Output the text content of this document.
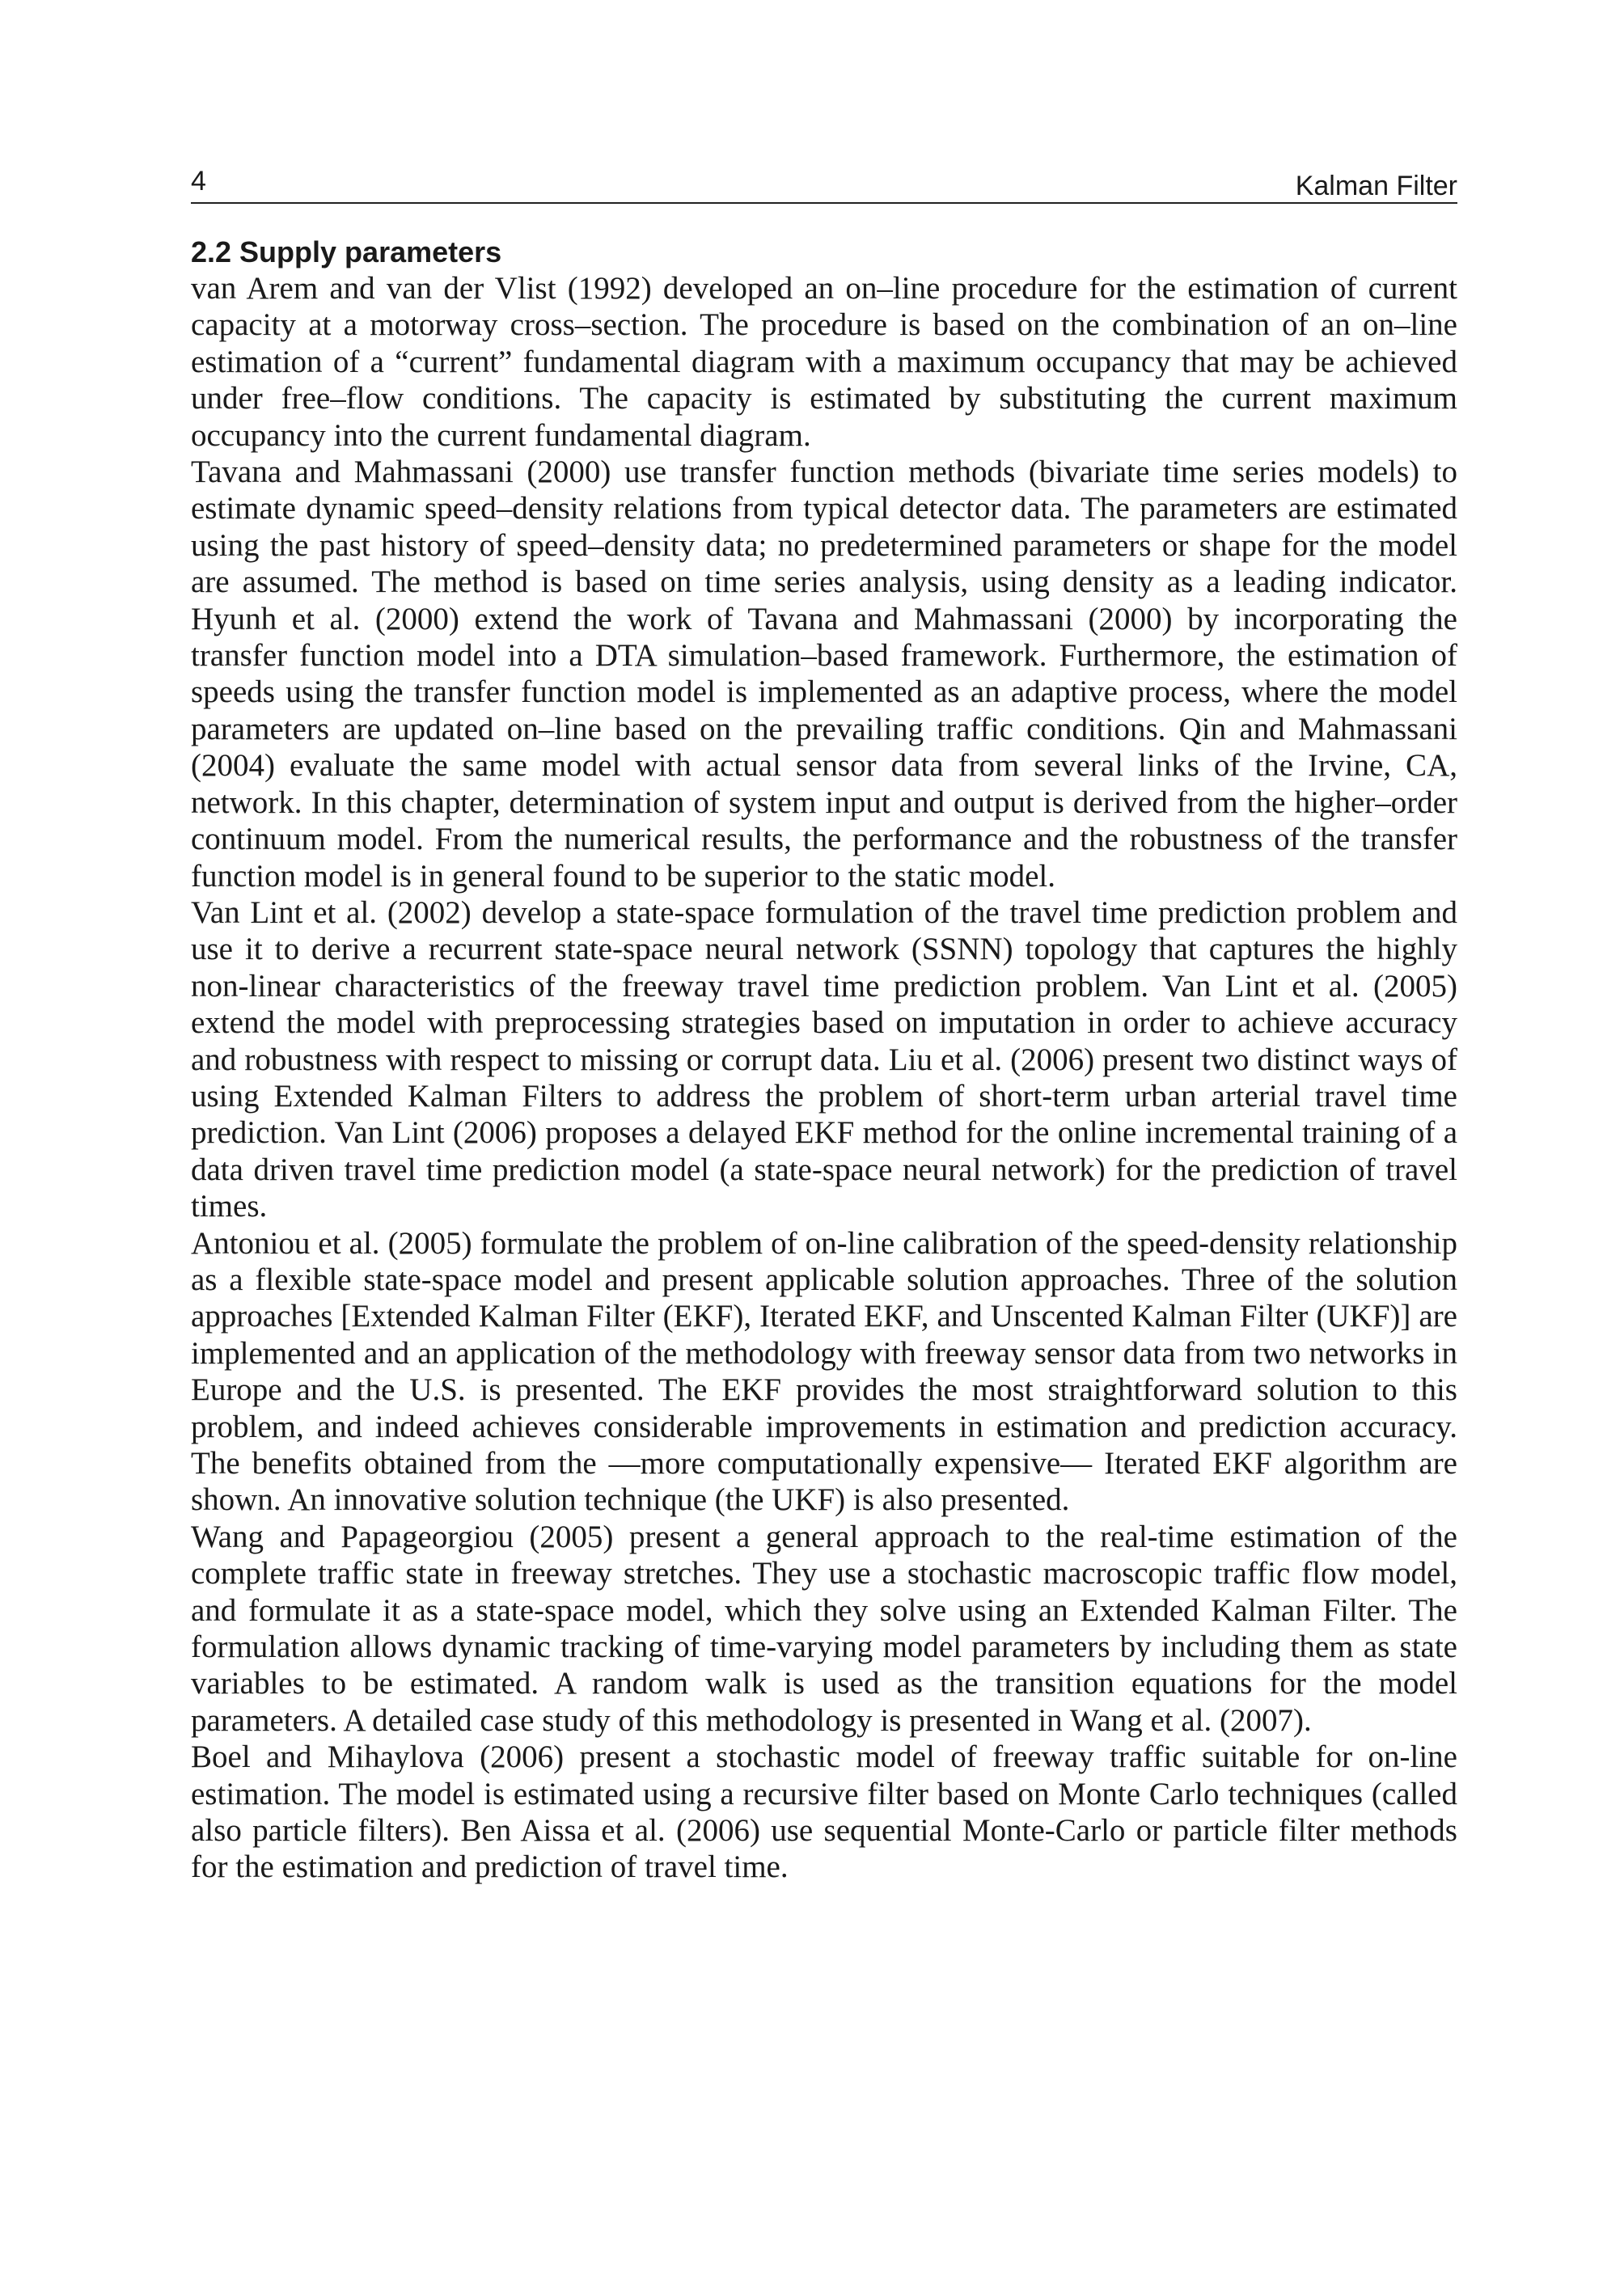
4	Kalman Filter
2.2 Supply parameters

van Arem and van der Vlist (1992) developed an on–line procedure for the estimation of current capacity at a motorway cross–section. The procedure is based on the combination of an on–line estimation of a “current” fundamental diagram with a maximum occupancy that may be achieved under free–flow conditions. The capacity is estimated by substituting the current maximum occupancy into the current fundamental diagram.

Tavana and Mahmassani (2000) use transfer function methods (bivariate time series models) to estimate dynamic speed–density relations from typical detector data. The parameters are estimated using the past history of speed–density data; no predetermined parameters or shape for the model are assumed. The method is based on time series analysis, using density as a leading indicator. Hyunh et al. (2000) extend the work of Tavana and Mahmassani (2000) by incorporating the transfer function model into a DTA simulation–based framework. Furthermore, the estimation of speeds using the transfer function model is implemented as an adaptive process, where the model parameters are updated on–line based on the prevailing traffic conditions. Qin and Mahmassani (2004) evaluate the same model with actual sensor data from several links of the Irvine, CA, network. In this chapter, determination of system input and output is derived from the higher–order continuum model. From the numerical results, the performance and the robustness of the transfer function model is in general found to be superior to the static model.

Van Lint et al. (2002) develop a state-space formulation of the travel time prediction problem and use it to derive a recurrent state-space neural network (SSNN) topology that captures the highly non-linear characteristics of the freeway travel time prediction problem. Van Lint et al. (2005) extend the model with preprocessing strategies based on imputation in order to achieve accuracy and robustness with respect to missing or corrupt data. Liu et al. (2006) present two distinct ways of using Extended Kalman Filters to address the problem of short-term urban arterial travel time prediction. Van Lint (2006) proposes a delayed EKF method for the online incremental training of a data driven travel time prediction model (a state-space neural network) for the prediction of travel times.

Antoniou et al. (2005) formulate the problem of on-line calibration of the speed-density relationship as a flexible state-space model and present applicable solution approaches. Three of the solution approaches [Extended Kalman Filter (EKF), Iterated EKF, and Unscented Kalman Filter (UKF)] are implemented and an application of the methodology with freeway sensor data from two networks in Europe and the U.S. is presented. The EKF provides the most straightforward solution to this problem, and indeed achieves considerable improvements in estimation and prediction accuracy. The benefits obtained from the —more computationally expensive— Iterated EKF algorithm are shown. An innovative solution technique (the UKF) is also presented.

Wang and Papageorgiou (2005) present a general approach to the real-time estimation of the complete traffic state in freeway stretches. They use a stochastic macroscopic traffic flow model, and formulate it as a state-space model, which they solve using an Extended Kalman Filter. The formulation allows dynamic tracking of time-varying model parameters by including them as state variables to be estimated. A random walk is used as the transition equations for the model parameters. A detailed case study of this methodology is presented in Wang et al. (2007).

Boel and Mihaylova (2006) present a stochastic model of freeway traffic suitable for on-line estimation. The model is estimated using a recursive filter based on Monte Carlo techniques (called also particle filters). Ben Aissa et al. (2006) use sequential Monte-Carlo or particle filter methods for the estimation and prediction of travel time.
